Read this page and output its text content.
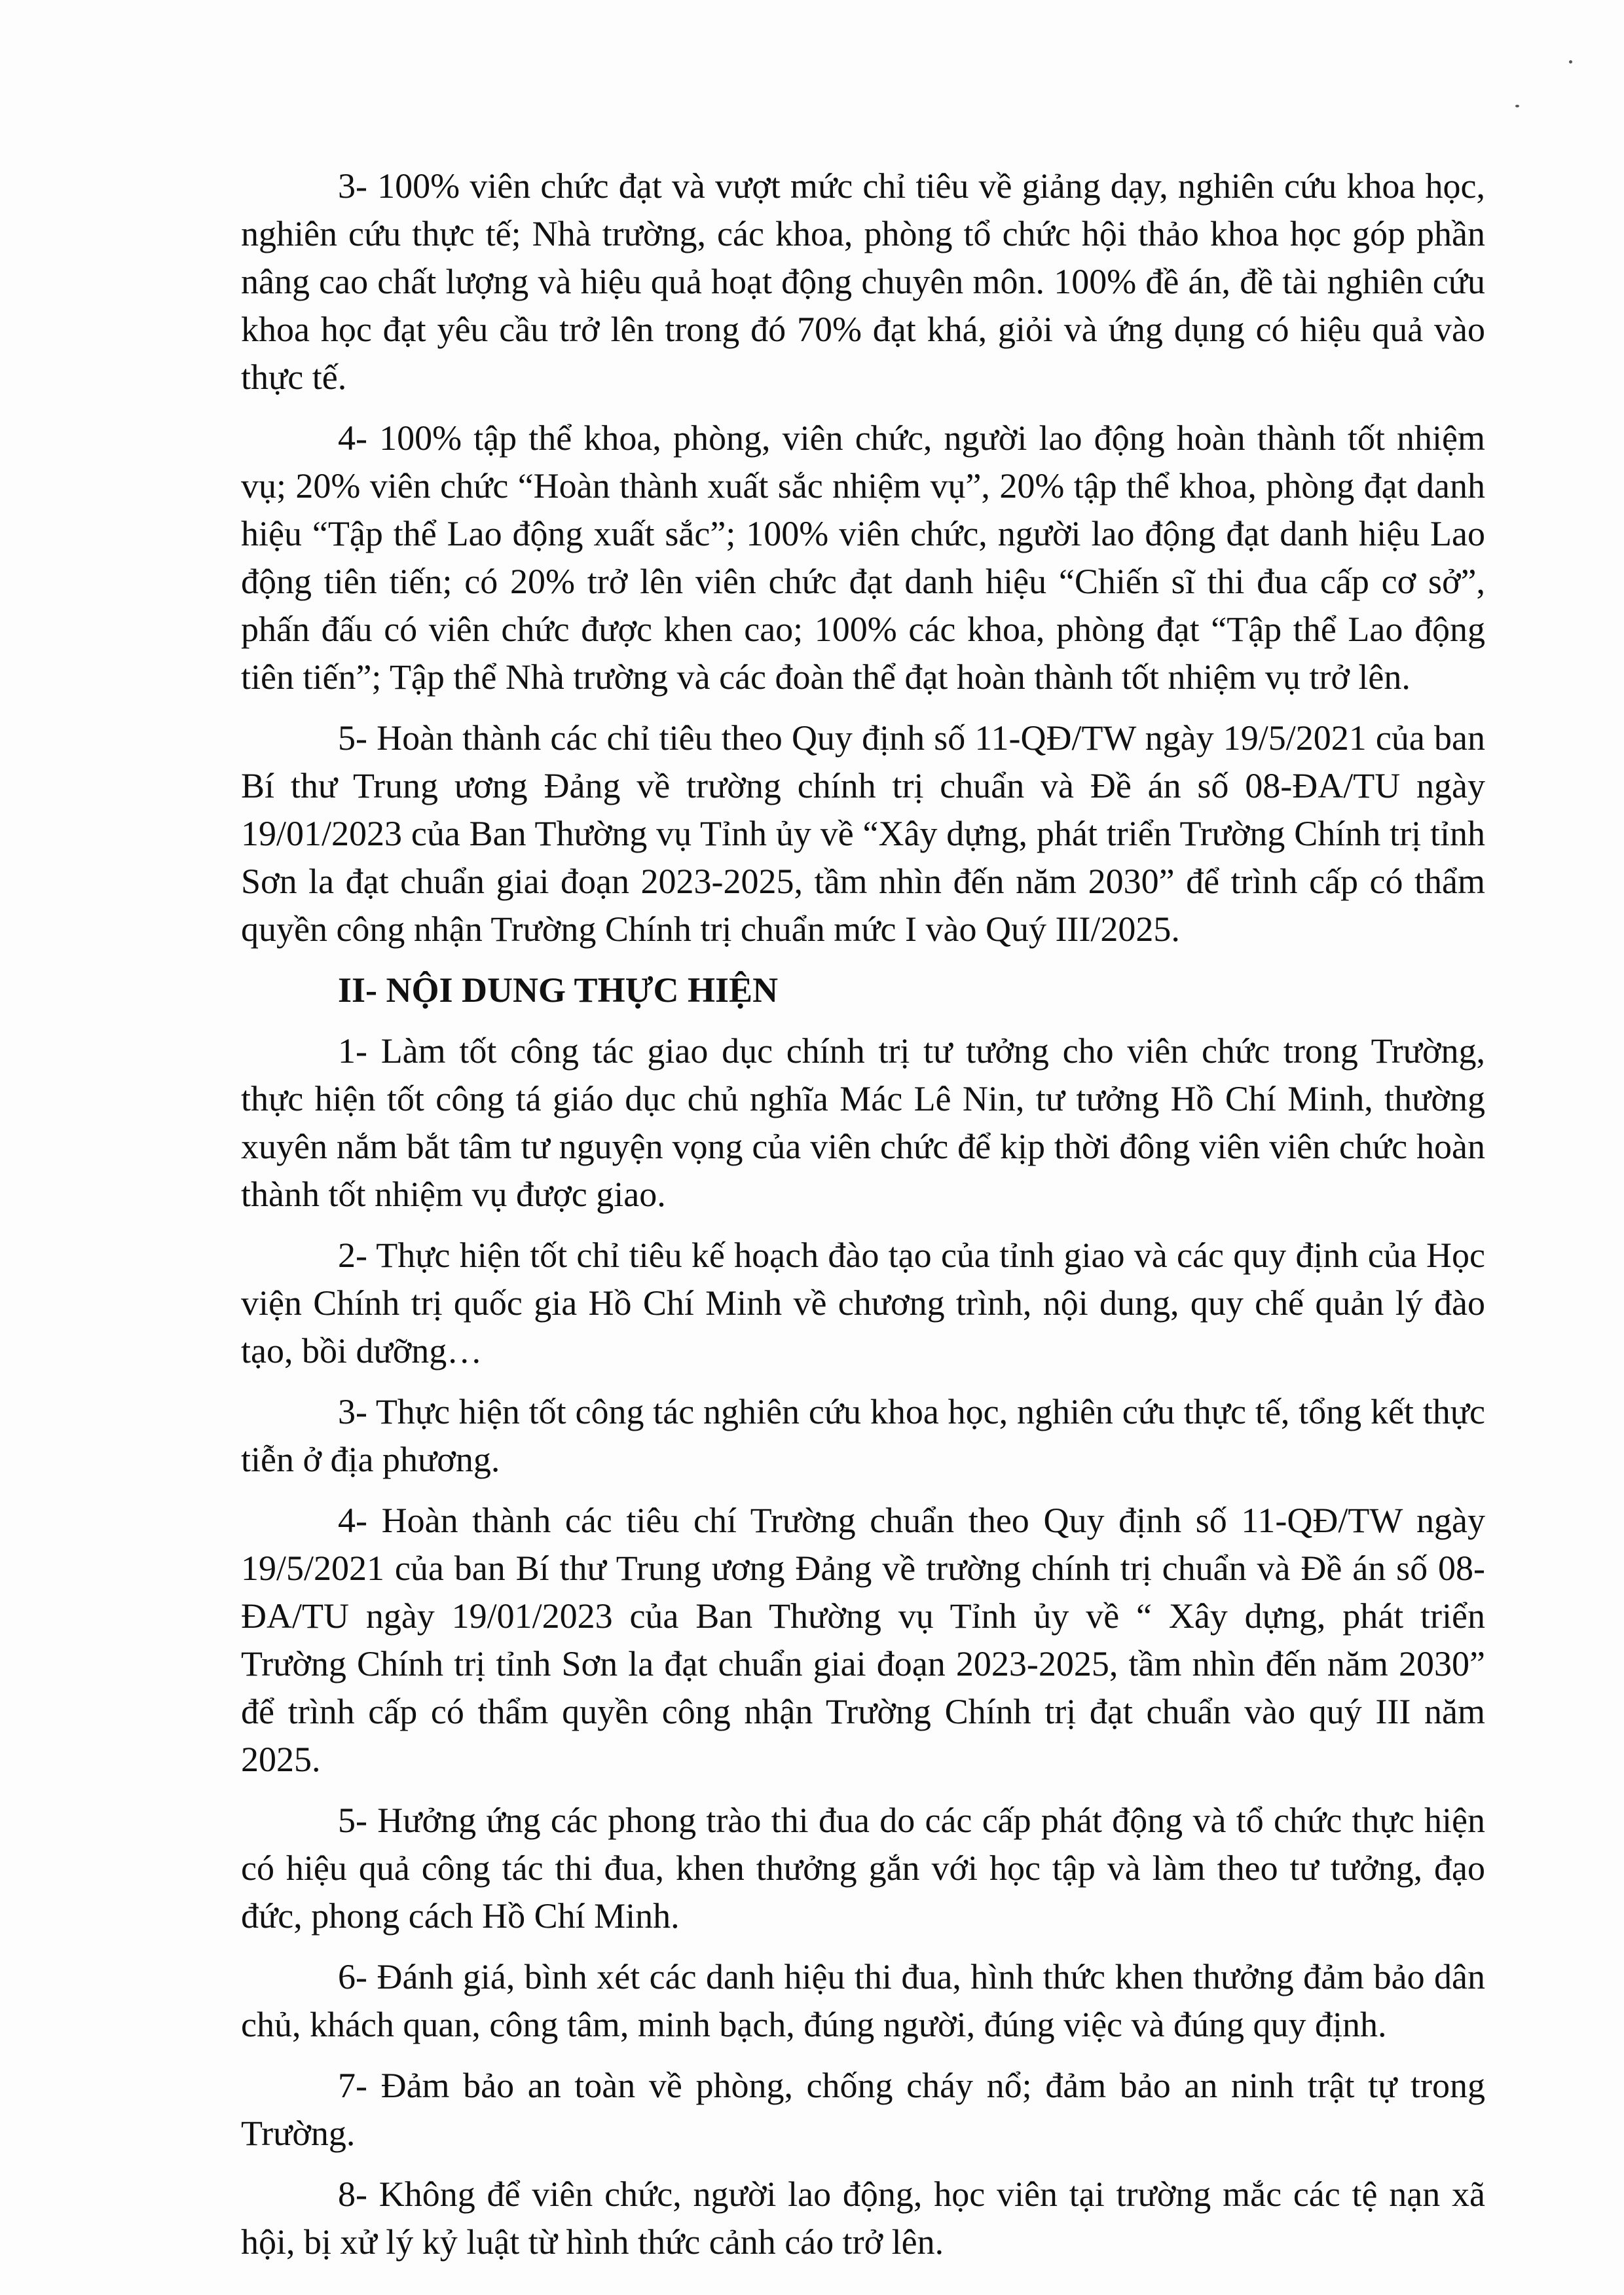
3- 100% viên chức đạt và vượt mức chỉ tiêu về giảng dạy, nghiên cứu khoa học, nghiên cứu thực tế; Nhà trường, các khoa, phòng tổ chức hội thảo khoa học góp phần nâng cao chất lượng và hiệu quả hoạt động chuyên môn. 100% đề án, đề tài nghiên cứu khoa học đạt yêu cầu trở lên trong đó 70% đạt khá, giỏi và ứng dụng có hiệu quả vào thực tế.

4- 100% tập thể khoa, phòng, viên chức, người lao động hoàn thành tốt nhiệm vụ; 20% viên chức “Hoàn thành xuất sắc nhiệm vụ”, 20% tập thể khoa, phòng đạt danh hiệu “Tập thể Lao động xuất sắc”; 100% viên chức, người lao động đạt danh hiệu Lao động tiên tiến; có 20% trở lên viên chức đạt danh hiệu “Chiến sĩ thi đua cấp cơ sở”, phấn đấu có viên chức được khen cao; 100% các khoa, phòng đạt “Tập thể Lao động tiên tiến”; Tập thể Nhà trường và các đoàn thể đạt hoàn thành tốt nhiệm vụ trở lên.

5- Hoàn thành các chỉ tiêu theo Quy định số 11-QĐ/TW ngày 19/5/2021 của ban Bí thư Trung ương Đảng về trường chính trị chuẩn và Đề án số 08-ĐA/TU ngày 19/01/2023 của Ban Thường vụ Tỉnh ủy về “Xây dựng, phát triển Trường Chính trị tỉnh Sơn la đạt chuẩn giai đoạn 2023-2025, tầm nhìn đến năm 2030” để trình cấp có thẩm quyền công nhận Trường Chính trị chuẩn mức I vào Quý III/2025.

II- NỘI DUNG THỰC HIỆN

1- Làm tốt công tác giao dục chính trị tư tưởng cho viên chức trong Trường, thực hiện tốt công tá giáo dục chủ nghĩa Mác Lê Nin, tư tưởng Hồ Chí Minh, thường xuyên nắm bắt tâm tư nguyện vọng của viên chức để kịp thời đông viên viên chức hoàn thành tốt nhiệm vụ được giao.

2- Thực hiện tốt chỉ tiêu kế hoạch đào tạo của tỉnh giao và các quy định của Học viện Chính trị quốc gia Hồ Chí Minh về chương trình, nội dung, quy chế quản lý đào tạo, bồi dưỡng…

3- Thực hiện tốt công tác nghiên cứu khoa học, nghiên cứu thực tế, tổng kết thực tiễn ở địa phương.

4- Hoàn thành các tiêu chí Trường chuẩn theo Quy định số 11-QĐ/TW ngày 19/5/2021 của ban Bí thư Trung ương Đảng về trường chính trị chuẩn và Đề án số 08-ĐA/TU ngày 19/01/2023 của Ban Thường vụ Tỉnh ủy về “ Xây dựng, phát triển Trường Chính trị tỉnh Sơn la đạt chuẩn giai đoạn 2023-2025, tầm nhìn đến năm 2030” để trình cấp có thẩm quyền công nhận Trường Chính trị đạt chuẩn vào quý III năm 2025.

5- Hưởng ứng các phong trào thi đua do các cấp phát động và tổ chức thực hiện có hiệu quả công tác thi đua, khen thưởng gắn với học tập và làm theo tư tưởng, đạo đức, phong cách Hồ Chí Minh.

6- Đánh giá, bình xét các danh hiệu thi đua, hình thức khen thưởng đảm bảo dân chủ, khách quan, công tâm, minh bạch, đúng người, đúng việc và đúng quy định.

7- Đảm bảo an toàn về phòng, chống cháy nổ; đảm bảo an ninh trật tự trong Trường.

8- Không để viên chức, người lao động, học viên tại trường mắc các tệ nạn xã hội, bị xử lý kỷ luật từ hình thức cảnh cáo trở lên.
